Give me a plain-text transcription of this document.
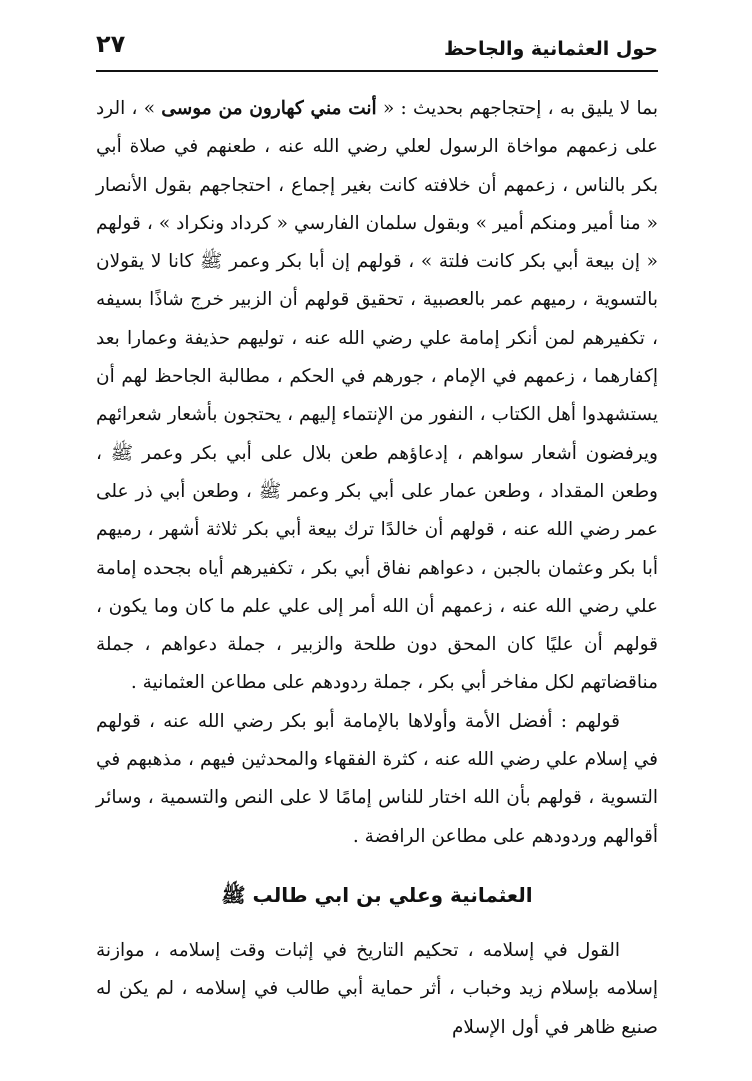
حول العثمانية والجاحظ
٢٧

بما لا يليق به ، إحتجاجهم بحديث : « أنت مني كهارون من موسى » ، الرد على زعمهم مواخاة الرسول لعلي رضي الله عنه ، طعنهم في صلاة أبي بكر بالناس ، زعمهم أن خلافته كانت بغير إجماع ، احتجاجهم بقول الأنصار « منا أمير ومنكم أمير » وبقول سلمان الفارسي « كرداد ونكراد » ، قولهم « إن بيعة أبي بكر كانت فلتة » ، قولهم إن أبا بكر وعمر ﷺ كانا لا يقولان بالتسوية ، رميهم عمر بالعصبية ، تحقيق قولهم أن الزبير خرج شاذًا بسيفه ، تكفيرهم لمن أنكر إمامة علي رضي الله عنه ، توليهم حذيفة وعمارا بعد إكفارهما ، زعمهم في الإمام ، جورهم في الحكم ، مطالبة الجاحظ لهم أن يستشهدوا أهل الكتاب ، النفور من الإنتماء إليهم ، يحتجون بأشعار شعرائهم ويرفضون أشعار سواهم ، إدعاؤهم طعن بلال على أبي بكر وعمر ﷺ ، وطعن المقداد ، وطعن عمار على أبي بكر وعمر ﷺ ، وطعن أبي ذر على عمر رضي الله عنه ، قولهم أن خالدًا ترك بيعة أبي بكر ثلاثة أشهر ، رميهم أبا بكر وعثمان بالجبن ، دعواهم نفاق أبي بكر ، تكفيرهم أياه بجحده إمامة علي رضي الله عنه ، زعمهم أن الله أمر إلى علي علم ما كان وما يكون ، قولهم أن عليًا كان المحق دون طلحة والزبير ، جملة دعواهم ، جملة مناقضاتهم لكل مفاخر أبي بكر ، جملة ردودهم على مطاعن العثمانية .

قولهم : أفضل الأمة وأولاها بالإمامة أبو بكر رضي الله عنه ، قولهم في إسلام علي رضي الله عنه ، كثرة الفقهاء والمحدثين فيهم ، مذهبهم في التسوية ، قولهم بأن الله اختار للناس إمامًا لا على النص والتسمية ، وسائر أقوالهم وردودهم على مطاعن الرافضة .

العثمانية وعلي بن ابي طالب ﷺ

القول في إسلامه ، تحكيم التاريخ في إثبات وقت إسلامه ، موازنة إسلامه بإسلام زيد وخباب ، أثر حماية أبي طالب في إسلامه ، لم يكن له صنيع ظاهر في أول الإسلام
